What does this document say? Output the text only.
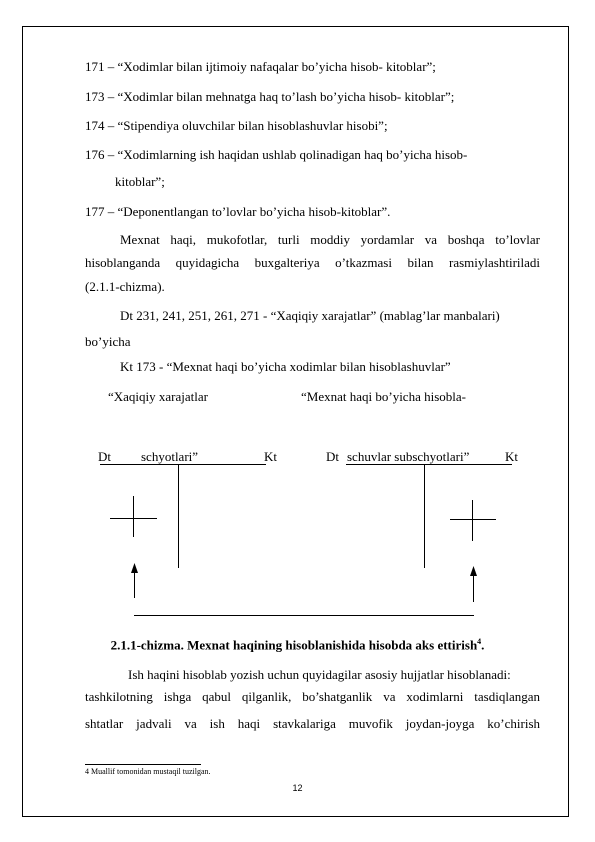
171 – “Xodimlar bilan ijtimoiy nafaqalar bo’yicha hisob- kitoblar”;
173 – “Xodimlar bilan mehnatga haq to’lash bo’yicha hisob- kitoblar”;
174 – “Stipendiya oluvchilar bilan hisoblashuvlar hisobi”;
176 – “Xodimlarning ish haqidan ushlab qolinadigan haq bo’yicha hisob-
kitoblar”;
177 – “Deponentlangan to’lovlar bo’yicha hisob-kitoblar”.
Mexnat haqi, mukofotlar, turli moddiy yordamlar va boshqa to’lovlar
hisoblanganda quyidagicha buxgalteriya o’tkazmasi bilan rasmiylashtiriladi
(2.1.1-chizma).
Dt 231, 241, 251, 261, 271 - “Xaqiqiy xarajatlar” (mablag’lar manbalari)
bo’yicha
Kt 173 - “Mexnat haqi bo’yicha xodimlar bilan hisoblashuvlar”
“Xaqiqiy xarajatlar	“Mexnat haqi bo’yicha hisobla-
Dt schyotlari”	Kt	Dt schuvlar subschyotlari”	Kt
2.1.1-chizma. Mexnat haqining hisoblanishida hisobda aks ettirish$^4$.
Ish haqini hisoblab yozish uchun quyidagilar asosiy hujjatlar hisoblanadi:
tashkilotning ishga qabul qilganlik, bo’shatganlik va xodimlarni tasdiqlangan
shtatlar jadvali va ish haqi stavkalariga muvofik joydan-joyga ko’chirish
4 Muallif tomonidan mustaqil tuzilgan.
12
